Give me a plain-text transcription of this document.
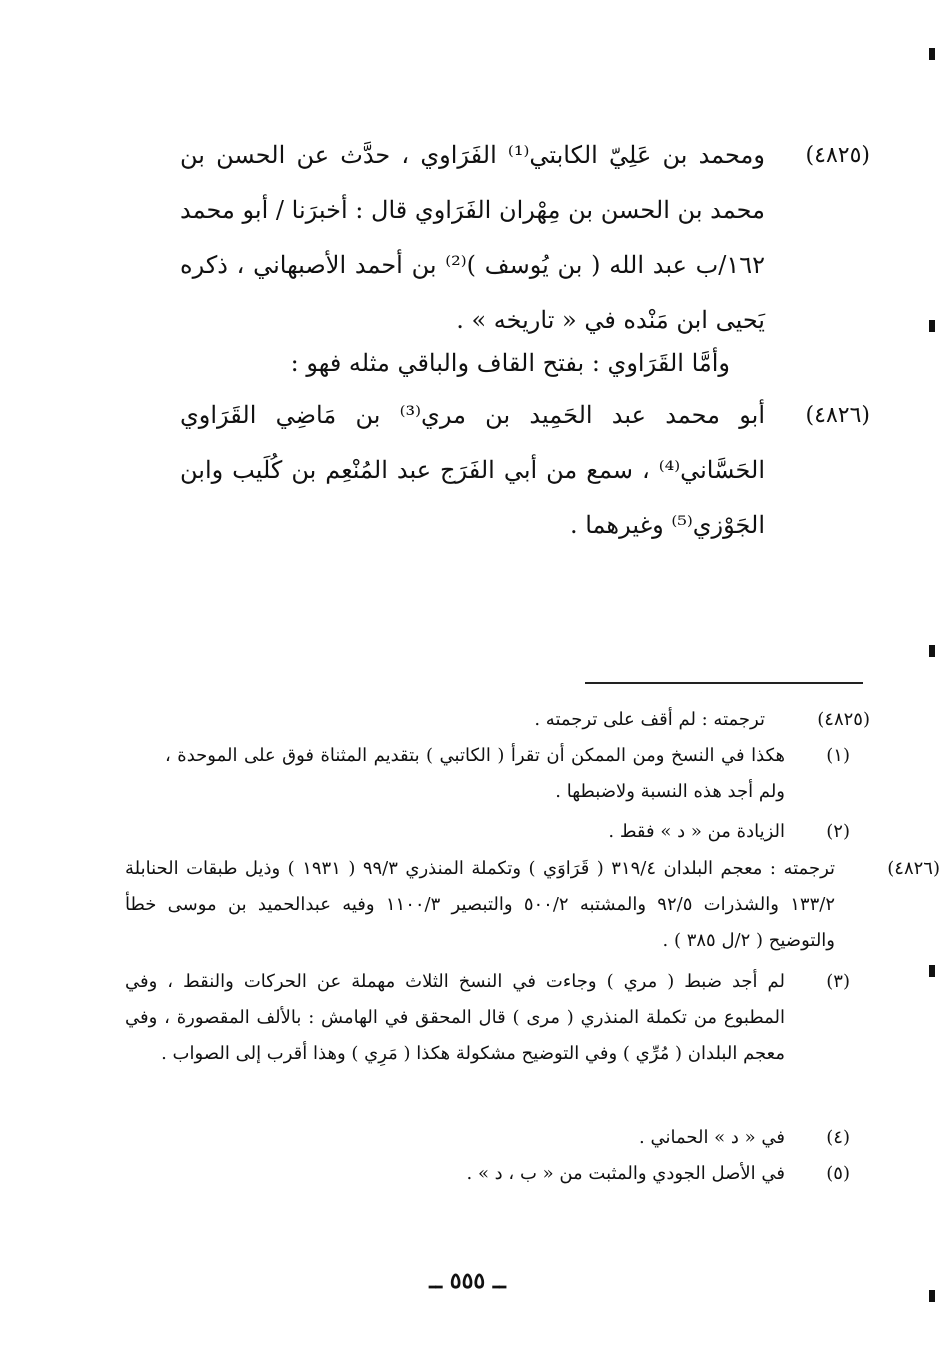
(٤٨٢٥)
ومحمد بن عَلِيّ الكابتي⁽¹⁾ الفَرَاوي ، حدَّث عن الحسن بن محمد بن الحسن بن مِهْران الفَرَاوي قال : أخبرَنا / أبو محمد ١٦٢/ب عبد الله ( بن يُوسف )⁽²⁾ بن أحمد الأصبهاني ، ذكره يَحيى ابن مَنْده في « تاريخه » .
وأمَّا القَرَاوي : بفتح القاف والباقي مثله فهو :
(٤٨٢٦)
أبو محمد عبد الحَمِيد بن مري⁽³⁾ بن مَاضِي القَرَاوي الحَسَّاني⁽⁴⁾ ، سمع من أبي الفَرَج عبد المُنْعِم بن كُلَيب وابن الجَوْزي⁽⁵⁾ وغيرهما .
(٤٨٢٥)
ترجمته : لم أقف على ترجمته .
(١)
هكذا في النسخ ومن الممكن أن تقرأ ( الكاتبي ) بتقديم المثناة فوق على الموحدة ، ولم أجد هذه النسبة ولاضبطها .
(٢)
الزيادة من « د » فقط .
(٤٨٢٦)
ترجمته : معجم البلدان ٣١٩/٤ ( قَرَاوَي ) وتكملة المنذري ٩٩/٣ ( ١٩٣١ ) وذيل طبقات الحنابلة ١٣٣/٢ والشذرات ٩٢/٥ والمشتبه ٥٠٠/٢ والتبصير ١١٠٠/٣ وفيه عبدالحميد بن موسى خطأ والتوضيح ( ٢/ل ٣٨٥ ) .
(٣)
لم أجد ضبط ( مري ) وجاءت في النسخ الثلاث مهملة عن الحركات والنقط ، وفي المطبوع من تكملة المنذري ( مرى ) قال المحقق في الهامش : بالألف المقصورة ، وفي معجم البلدان ( مُرِّي ) وفي التوضيح مشكولة هكذا ( مَرِي ) وهذا أقرب إلى الصواب .
(٤)
في « د » الحماني .
(٥)
في الأصل الجودي والمثبت من « ب ، د » .
ــ ٥٥٥ ــ
